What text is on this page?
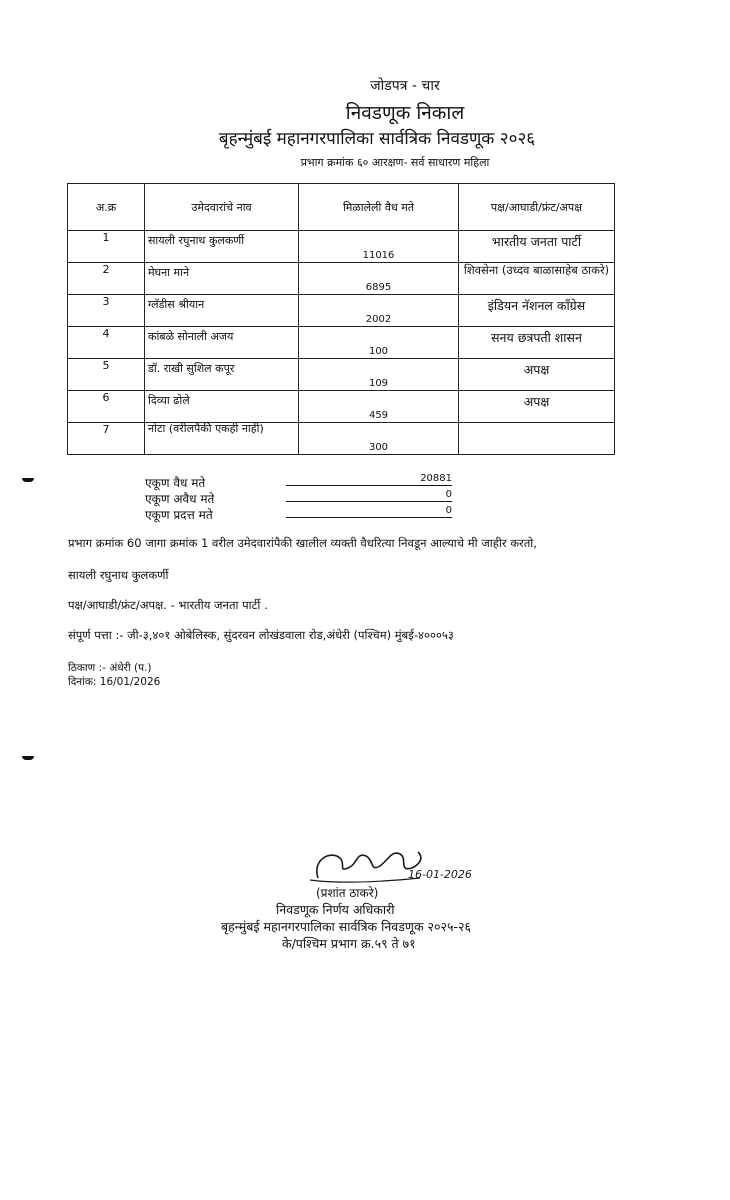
जोडपत्र - चार
निवडणूक निकाल
बृहन्मुंबई महानगरपालिका सार्वत्रिक निवडणूक २०२६
प्रभाग क्रमांक ६० आरक्षण- सर्व साधारण महिला
अ.क्र	उमेदवारांचे नाव	मिळालेली वैध मते	पक्ष/आघाडी/फ्रंट/अपक्ष

1	सायली रघुनाथ कुलकर्णी	11016	भारतीय जनता पार्टी

2	मेघना माने	6895	शिवसेना (उध्दव बाळासाहेब ठाकरे)

3	ग्लॅडीस श्रीयान	2002	इंडियन नॅशनल कॉंग्रेस

4	कांबळे सोनाली अजय	100	सनय छत्रपती शासन

5	डॉ. राखी सुशिल कपूर	109	अपक्ष

6	दिव्या ढोले	459	अपक्ष

7	नोटा (वरीलपैकी एकही नाही)	300	

एकूण वैध मते	20881
एकूण अवैध मते	0
एकूण प्रदत्त मते	0
प्रभाग क्रमांक 60 जागा क्रमांक 1 वरील उमेदवारांपैकी खालील व्यक्ती वैधरित्या निवडून आल्याचे मी जाहीर करतो,
सायली रघुनाथ कुलकर्णी
पक्ष/आघाडी/फ्रंट/अपक्ष. - भारतीय जनता पार्टी .
संपूर्ण पत्ता :- जी-३,४०१ ओबेलिस्क, सुंदरवन लोखंडवाला रोड,अंधेरी (पश्चिम) मुंबई-४०००५३
ठिकाण :- अंधेरी (प.)
दिनांक: 16/01/2026
16-01-2026
(प्रशांत ठाकरे)
निवडणूक निर्णय अधिकारी
बृहन्मुंबई महानगरपालिका सार्वत्रिक निवडणूक २०२५-२६
के/पश्चिम प्रभाग क्र.५९ ते ७१
